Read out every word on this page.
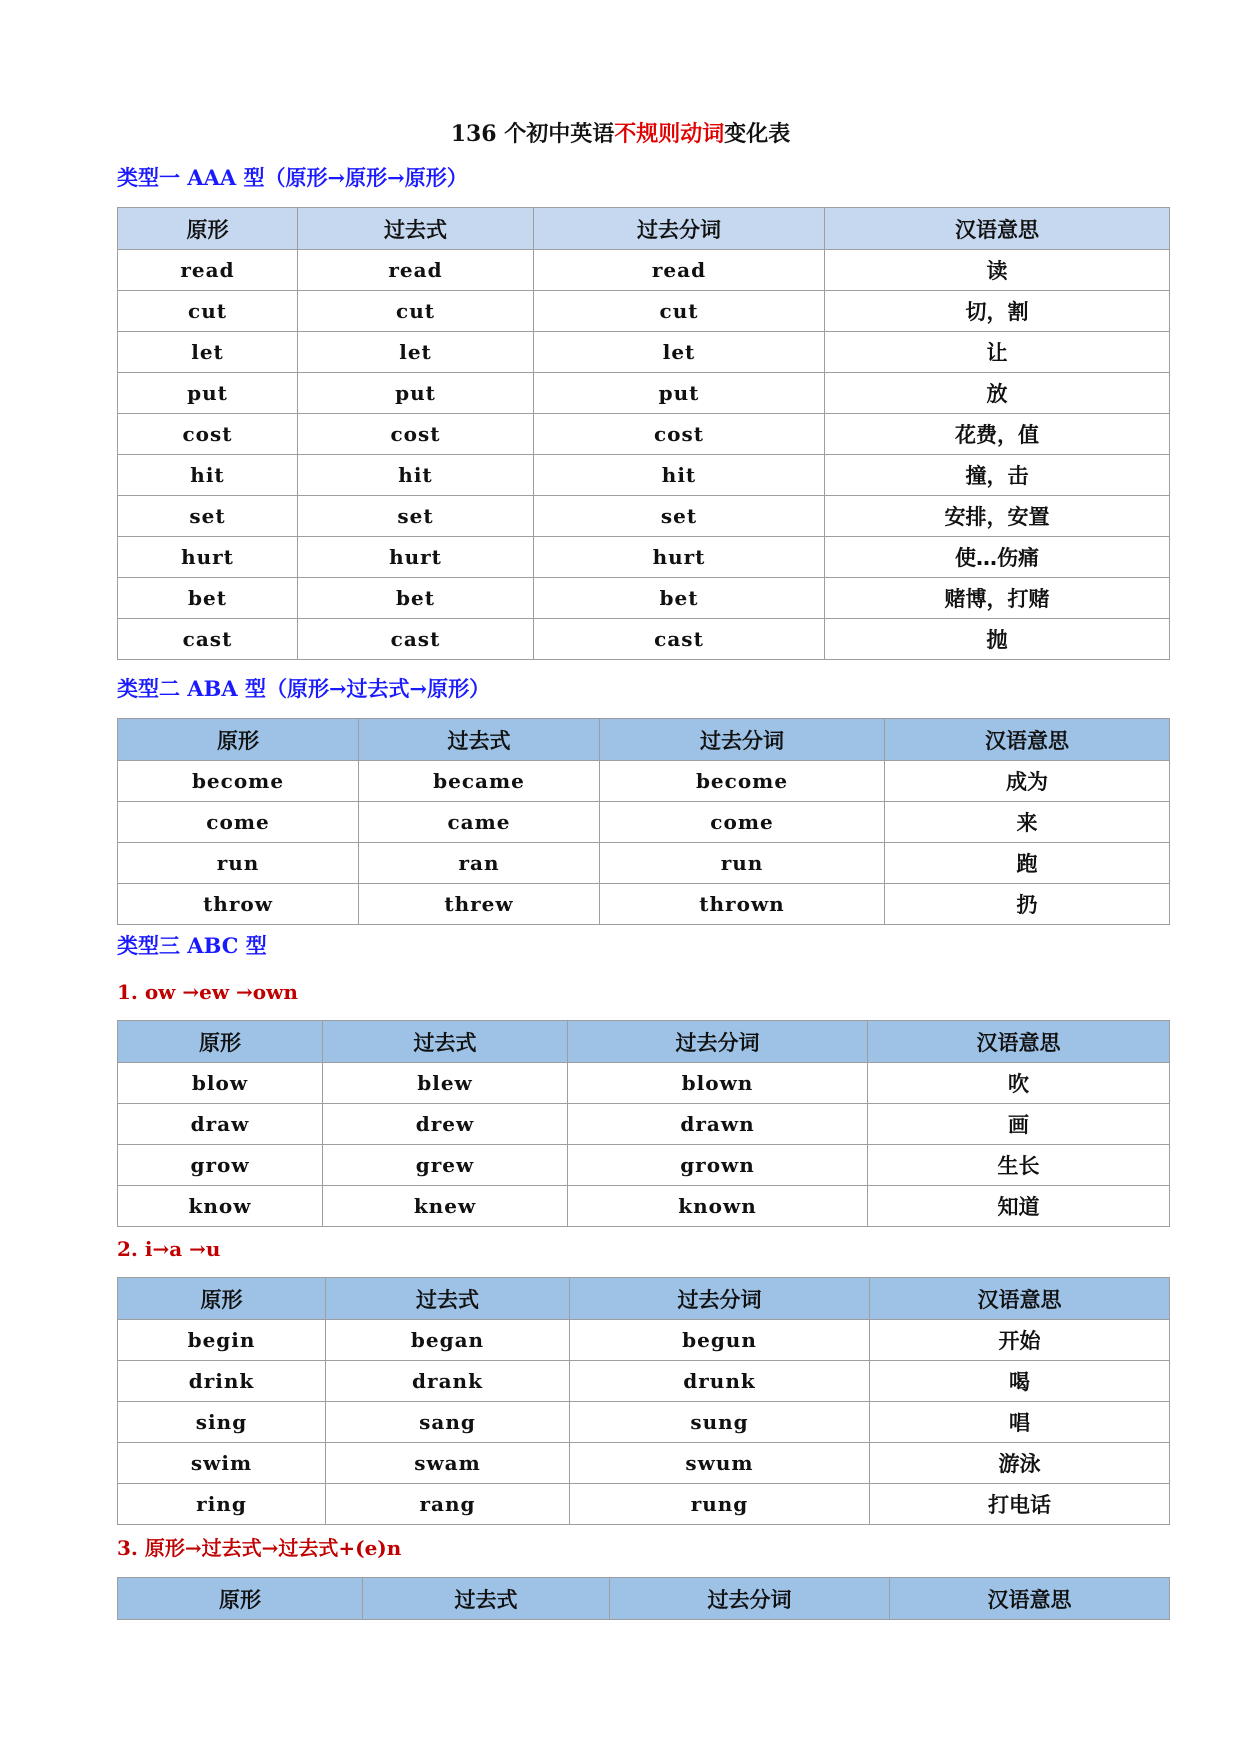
136 个初中英语不规则动词变化表
类型一 AAA 型（原形→原形→原形）
原形	过去式	过去分词	汉语意思
read	read	read	读
cut	cut	cut	切，割
let	let	let	让
put	put	put	放
cost	cost	cost	花费，值
hit	hit	hit	撞，击
set	set	set	安排，安置
hurt	hurt	hurt	使…伤痛
bet	bet	bet	赌博，打赌
cast	cast	cast	抛
类型二 ABA 型（原形→过去式→原形）
原形	过去式	过去分词	汉语意思
become	became	become	成为
come	came	come	来
run	ran	run	跑
throw	threw	thrown	扔
类型三 ABC 型
1. ow →ew →own
原形	过去式	过去分词	汉语意思
blow	blew	blown	吹
draw	drew	drawn	画
grow	grew	grown	生长
know	knew	known	知道
2. i→a →u
原形	过去式	过去分词	汉语意思
begin	began	begun	开始
drink	drank	drunk	喝
sing	sang	sung	唱
swim	swam	swum	游泳
ring	rang	rung	打电话
3. 原形→过去式→过去式+(e)n
原形	过去式	过去分词	汉语意思
